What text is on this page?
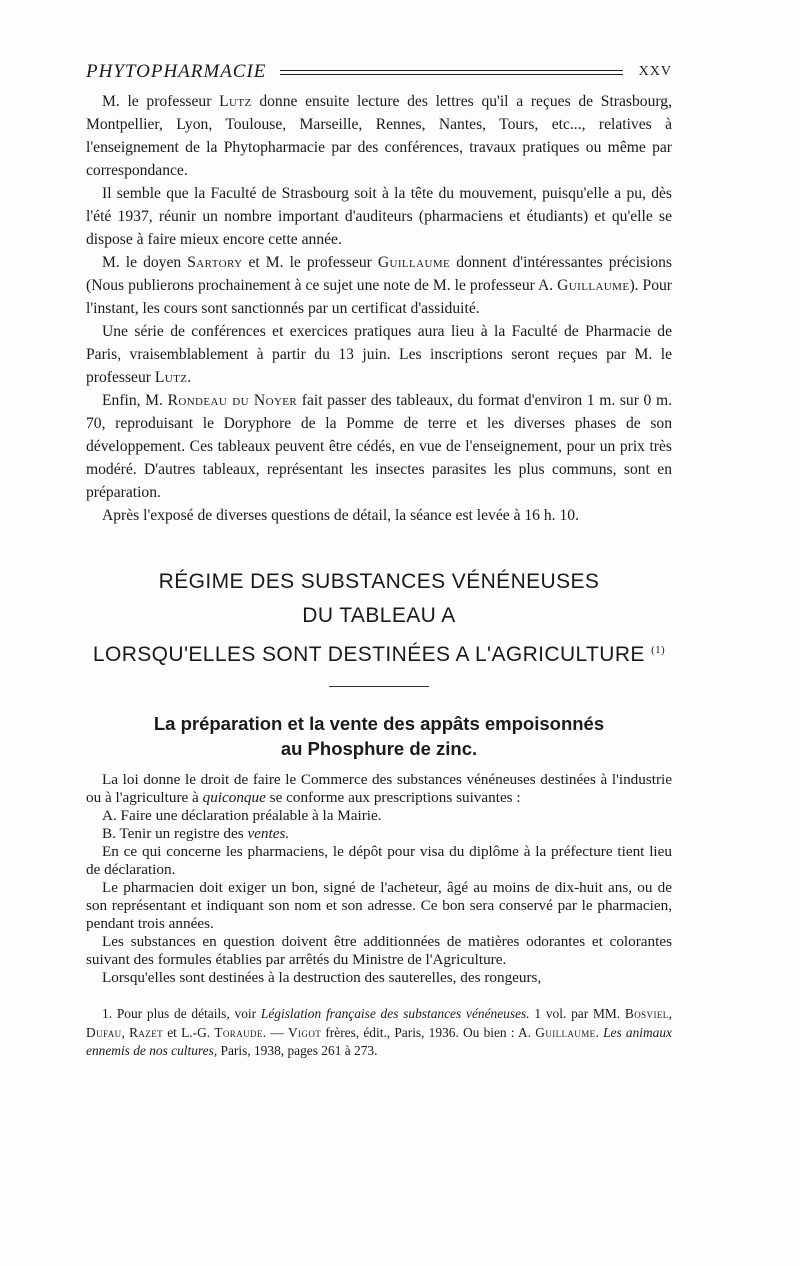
PHYTOPHARMACIE	XXV

M. le professeur Lutz donne ensuite lecture des lettres qu'il a reçues de Strasbourg, Montpellier, Lyon, Toulouse, Marseille, Rennes, Nantes, Tours, etc..., relatives à l'enseignement de la Phytopharmacie par des conférences, travaux pratiques ou même par correspondance.

Il semble que la Faculté de Strasbourg soit à la tête du mouvement, puisqu'elle a pu, dès l'été 1937, réunir un nombre important d'auditeurs (pharmaciens et étudiants) et qu'elle se dispose à faire mieux encore cette année.

M. le doyen Sartory et M. le professeur Guillaume donnent d'intéressantes précisions (Nous publierons prochainement à ce sujet une note de M. le professeur A. Guillaume). Pour l'instant, les cours sont sanctionnés par un certificat d'assiduité.

Une série de conférences et exercices pratiques aura lieu à la Faculté de Pharmacie de Paris, vraisemblablement à partir du 13 juin. Les inscriptions seront reçues par M. le professeur Lutz.

Enfin, M. Rondeau du Noyer fait passer des tableaux, du format d'environ 1 m. sur 0 m. 70, reproduisant le Doryphore de la Pomme de terre et les diverses phases de son développement. Ces tableaux peuvent être cédés, en vue de l'enseignement, pour un prix très modéré. D'autres tableaux, représentant les insectes parasites les plus communs, sont en préparation.

Après l'exposé de diverses questions de détail, la séance est levée à 16 h. 10.

RÉGIME DES SUBSTANCES VÉNÉNEUSES
DU TABLEAU A
LORSQU'ELLES SONT DESTINÉES A L'AGRICULTURE $^{(1)}$
La préparation et la vente des appâts empoisonnés
au Phosphure de zinc.

La loi donne le droit de faire le Commerce des substances vénéneuses destinées à l'industrie ou à l'agriculture à quiconque se conforme aux prescriptions suivantes :

A. Faire une déclaration préalable à la Mairie.

B. Tenir un registre des ventes.

En ce qui concerne les pharmaciens, le dépôt pour visa du diplôme à la préfecture tient lieu de déclaration.

Le pharmacien doit exiger un bon, signé de l'acheteur, âgé au moins de dix-huit ans, ou de son représentant et indiquant son nom et son adresse. Ce bon sera conservé par le pharmacien, pendant trois années.

Les substances en question doivent être additionnées de matières odorantes et colorantes suivant des formules établies par arrêtés du Ministre de l'Agriculture.

Lorsqu'elles sont destinées à la destruction des sauterelles, des rongeurs,

1. Pour plus de détails, voir Législation française des substances vénéneuses. 1 vol. par MM. Bosviel, Dufau, Razet et L.-G. Toraude. — Vigot frères, édit., Paris, 1936. Ou bien : A. Guillaume. Les animaux ennemis de nos cultures, Paris, 1938, pages 261 à 273.
